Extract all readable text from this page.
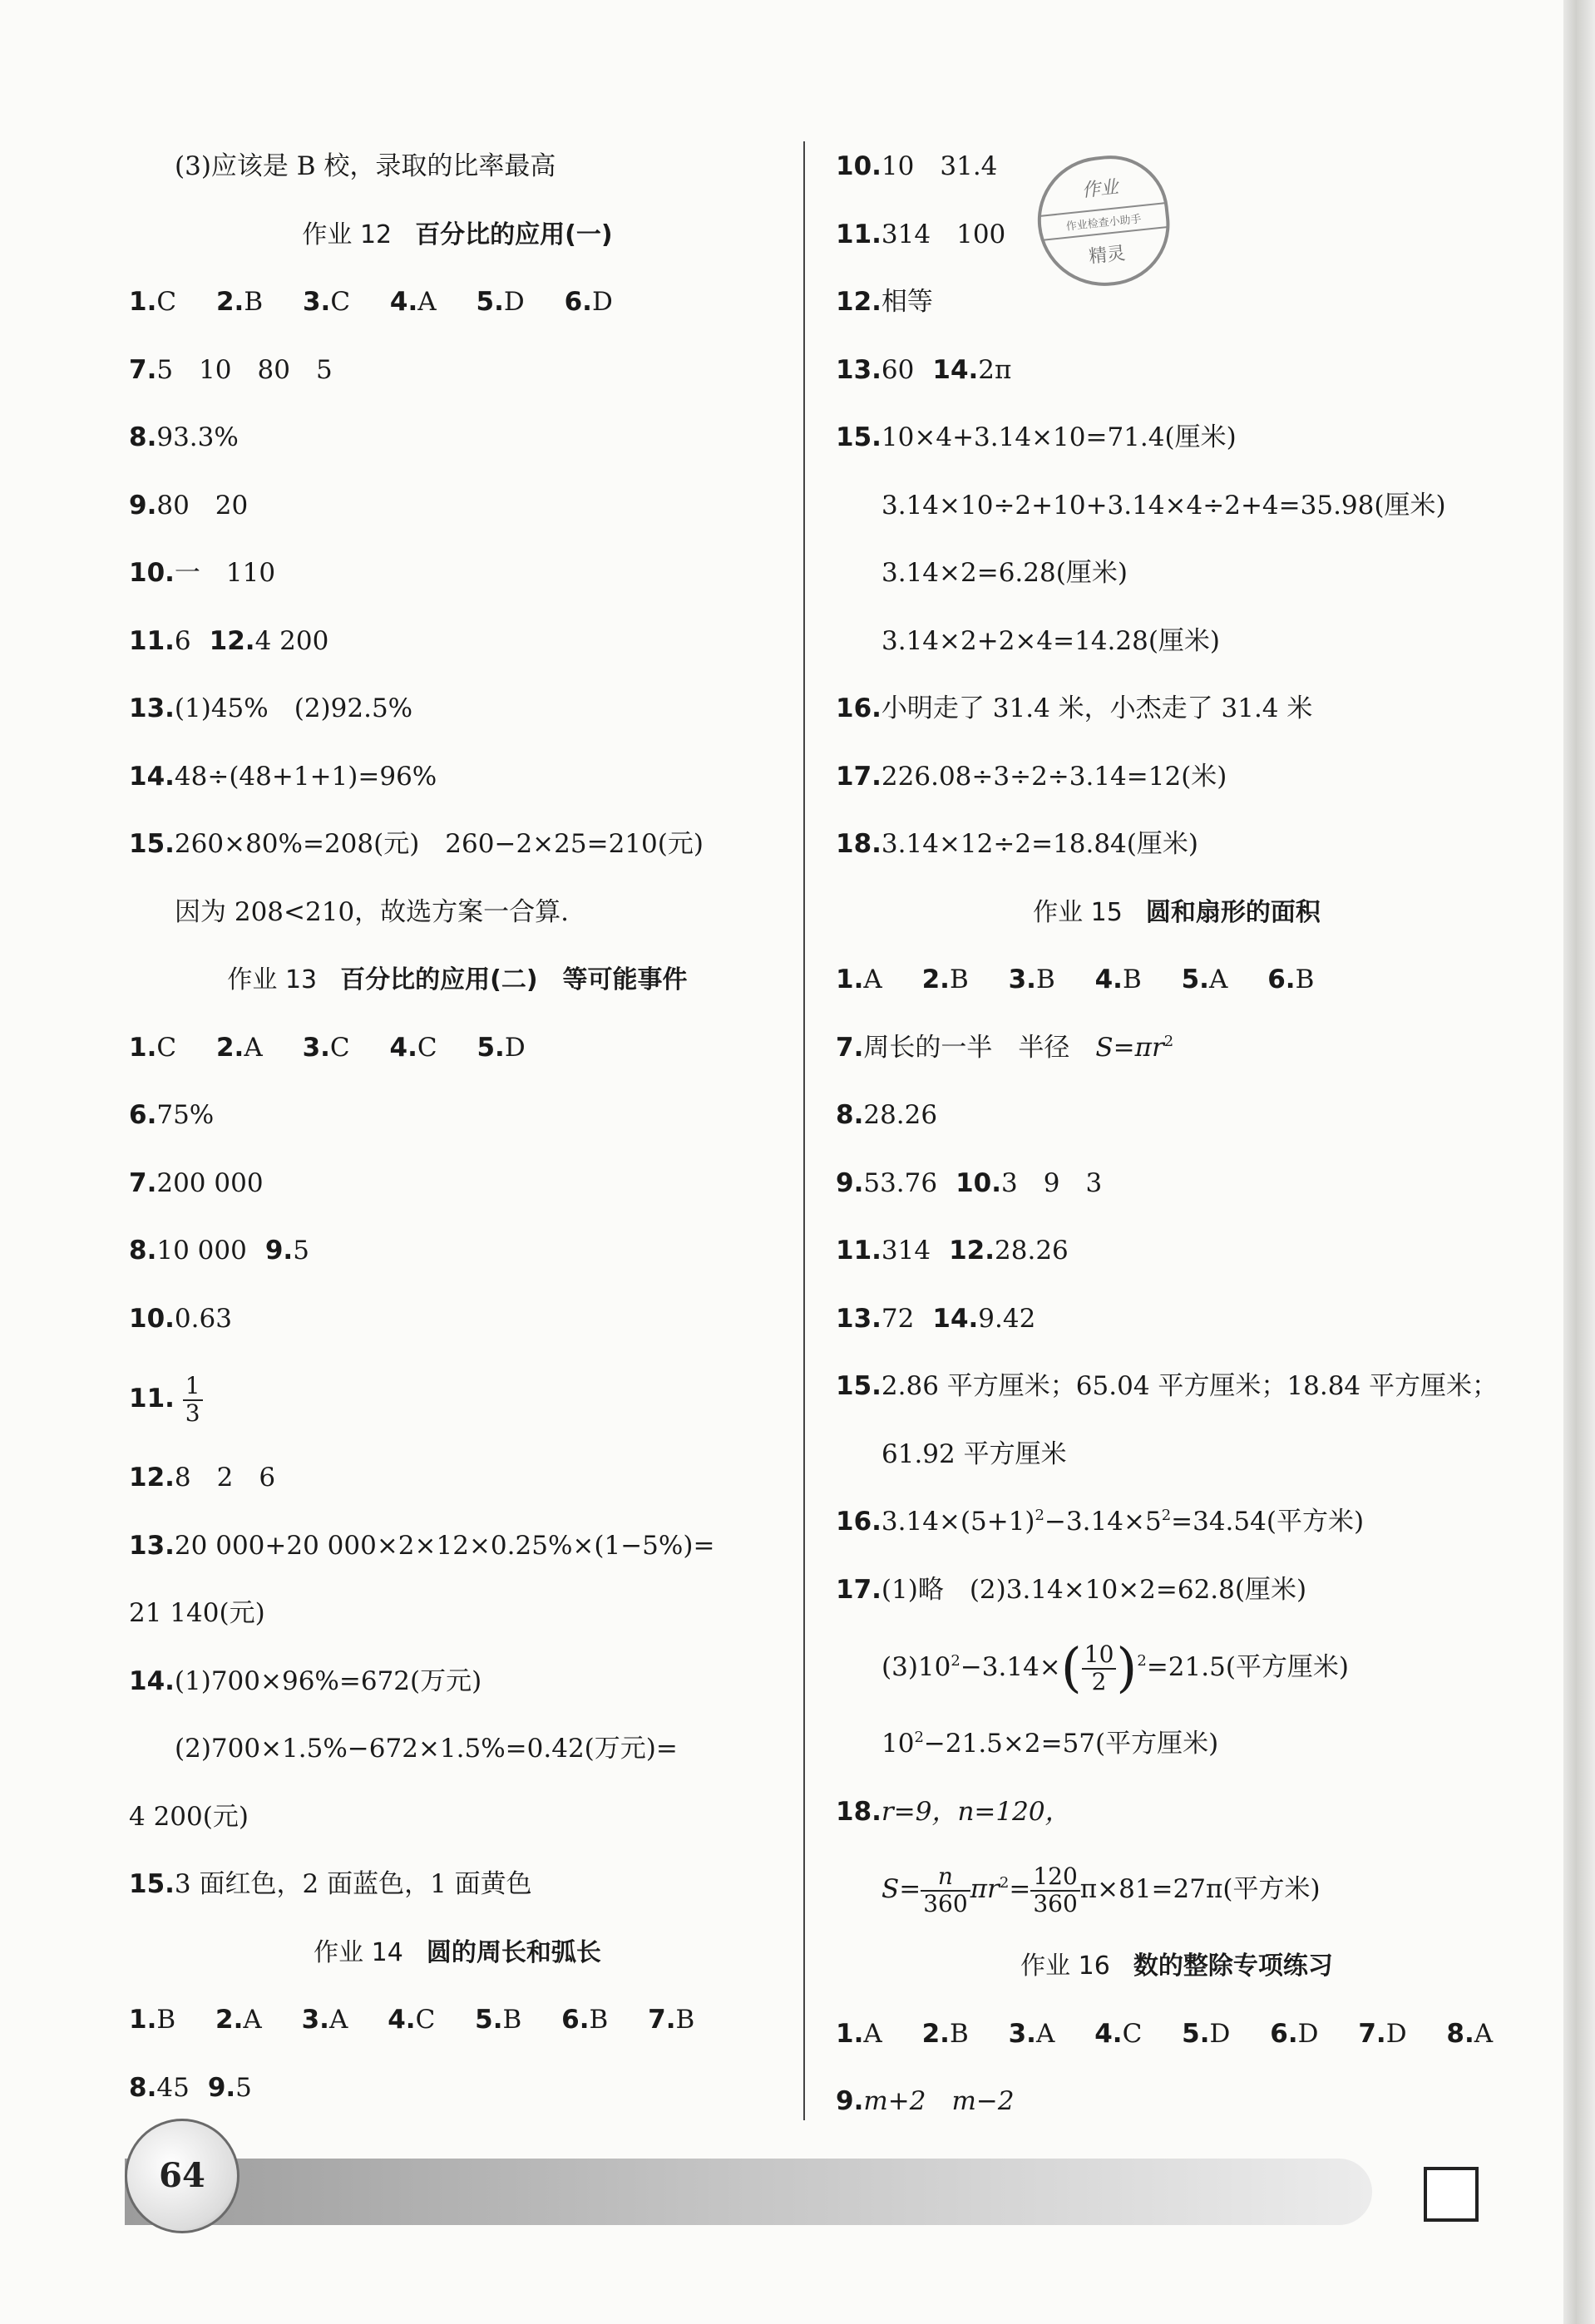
(3)应该是 B 校，录取的比率最高
作业 12 百分比的应用(一)
1.C 2.B 3.C 4.A 5.D 6.D
7.5　10　80　5
8.93.3%
9.80　20
10.一　110
11.6 12.4 200
13.(1)45%　(2)92.5%
14.48÷(48+1+1)=96%
15.260×80%=208(元)　260−2×25=210(元)
因为 208<210，故选方案一合算.
作业 13 百分比的应用(二)　等可能事件
1.C 2.A 3.C 4.C 5.D
6.75%
7.200 000
8.10 000 9.5
10.0.63
11. $\frac{1}{3}$
12.8　2　6
13.20 000+20 000×2×12×0.25%×(1−5%)=
21 140(元)
14.(1)700×96%=672(万元)
(2)700×1.5%−672×1.5%=0.42(万元)=
4 200(元)
15.3 面红色，2 面蓝色，1 面黄色
作业 14 圆的周长和弧长
1.B 2.A 3.A 4.C 5.B 6.B 7.B
8.45 9.5
10.10　31.4
11.314　100
12.相等
13.60 14.2π
15.10×4+3.14×10=71.4(厘米)
3.14×10÷2+10+3.14×4÷2+4=35.98(厘米)
3.14×2=6.28(厘米)
3.14×2+2×4=14.28(厘米)
16.小明走了 31.4 米，小杰走了 31.4 米
17.226.08÷3÷2÷3.14=12(米)
18.3.14×12÷2=18.84(厘米)
作业 15 圆和扇形的面积
1.A 2.B 3.B 4.B 5.A 6.B
7.周长的一半　半径　$S=\pi r^2$
8.28.26
9.53.76 10.3　9　3
11.314 12.28.26
13.72 14.9.42
15.2.86 平方厘米；65.04 平方厘米；18.84 平方厘米；
61.92 平方厘米
$16.3.14\times(5+1)^2-3.14\times 5^2=34.54$(平方米)
17.(1)略　(2)3.14×10×2=62.8(厘米)
$(3)10^2-3.14\times( \frac{10}{2} )^2=21.5$(平方厘米)
$10^2-21.5\times 2=57$(平方厘米)
18.r=9，n=120，
$S= \frac{n}{360} \pi r^2= \frac{120}{360} \pi\times 81=27\pi$(平方米)
作业 16 数的整除专项练习
1.A 2.B 3.A 4.C 5.D 6.D 7.D 8.A
9.m+2　m−2
作业
作业检查小助手
精灵
64
